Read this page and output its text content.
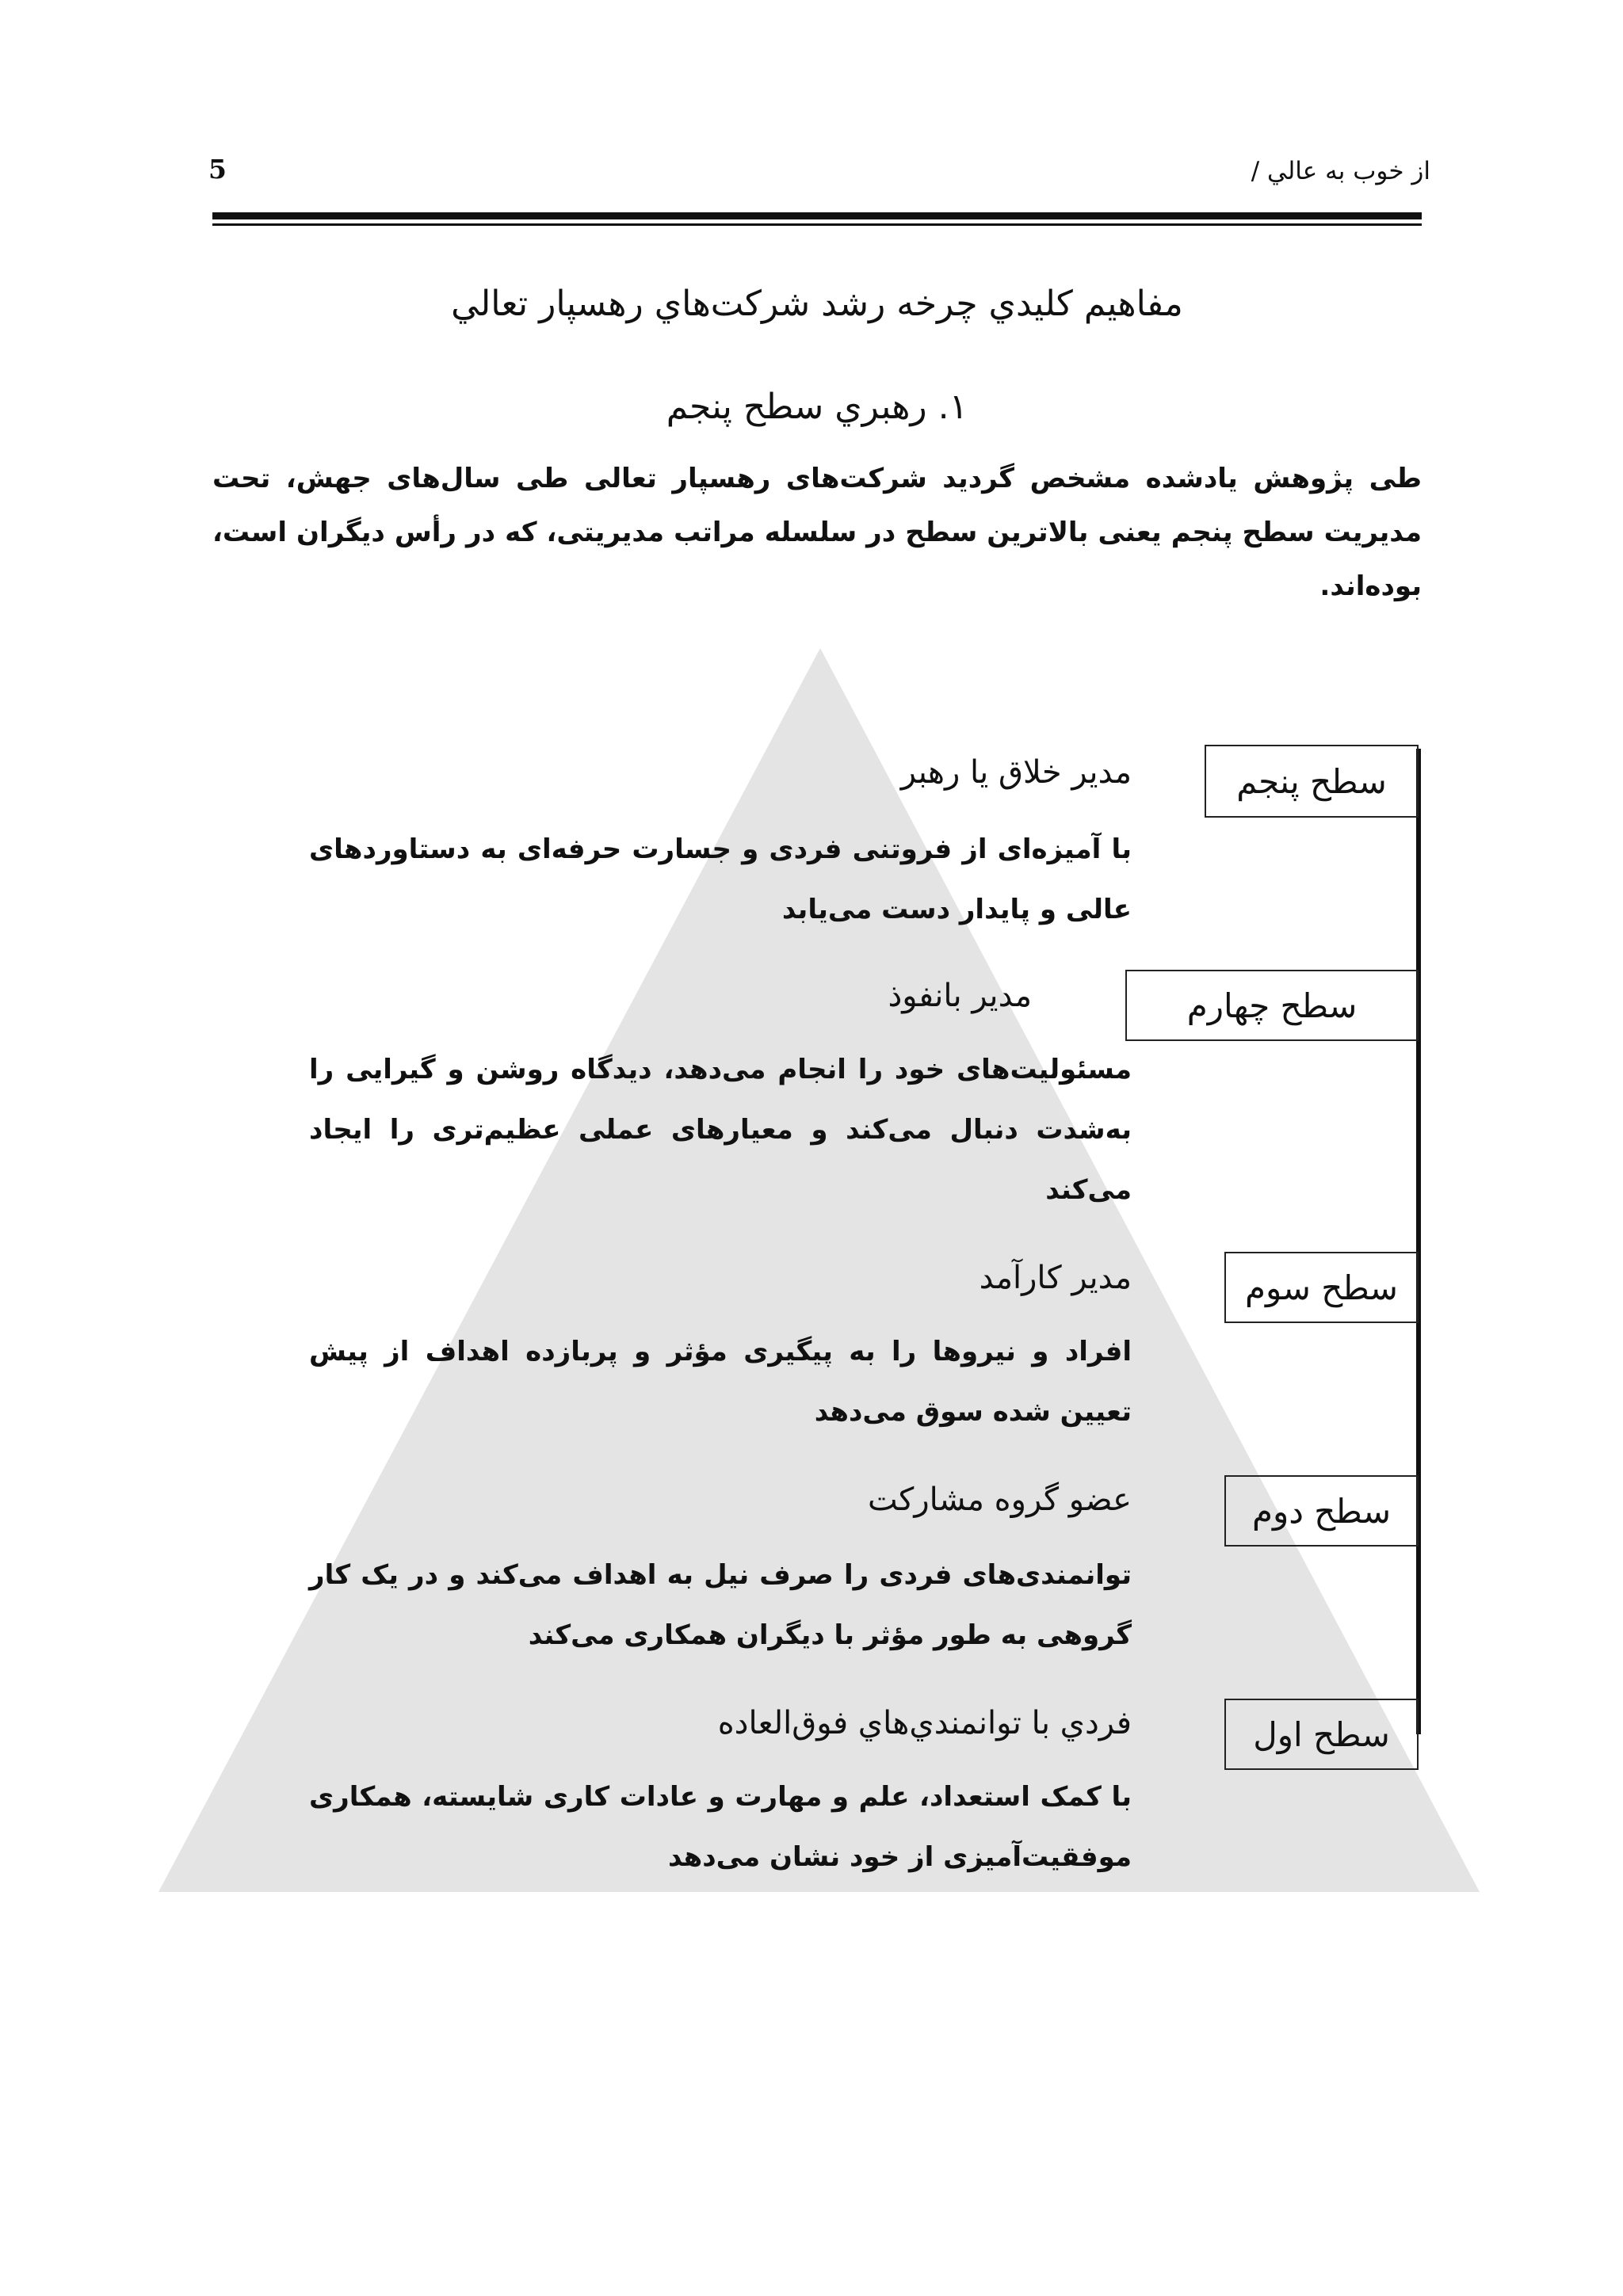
از خوب به عالي /
5
مفاهيم كليدي چرخه رشد شركت‌هاي رهسپار تعالي
۱. رهبري سطح پنجم
طی پژوهش یادشده مشخص گردید شرکت‌های رهسپار تعالی طی سال‌های جهش، تحت مدیریت سطح پنجم یعنی بالاترین سطح در سلسله مراتب مدیریتی، که در رأس دیگران است، بوده‌اند.
سطح پنجم
مدير خلاق يا رهبر
با آمیزه‌ای از فروتنی فردی و جسارت حرفه‌ای به دستاوردهای عالی و پایدار دست می‌یابد
سطح چهارم
مدير بانفوذ
مسئولیت‌های خود را انجام می‌دهد، دیدگاه روشن و گیرایی را به‌شدت دنبال می‌کند و معیارهای عملی عظیم‌تری را ایجاد می‌کند
سطح سوم
مدير كارآمد
افراد و نیروها را به پیگیری مؤثر و پربازده اهداف از پیش تعیین شده سوق می‌دهد
سطح دوم
عضو گروه مشاركت
توانمندی‌های فردی را صرف نیل به اهداف می‌کند و در یک کار گروهی به طور مؤثر با دیگران همکاری می‌کند
سطح اول
فردي با توانمندي‌هاي فوق‌العاده
با کمک استعداد، علم و مهارت و عادات کاری شایسته، همکاری موفقیت‌آمیزی از خود نشان می‌دهد
